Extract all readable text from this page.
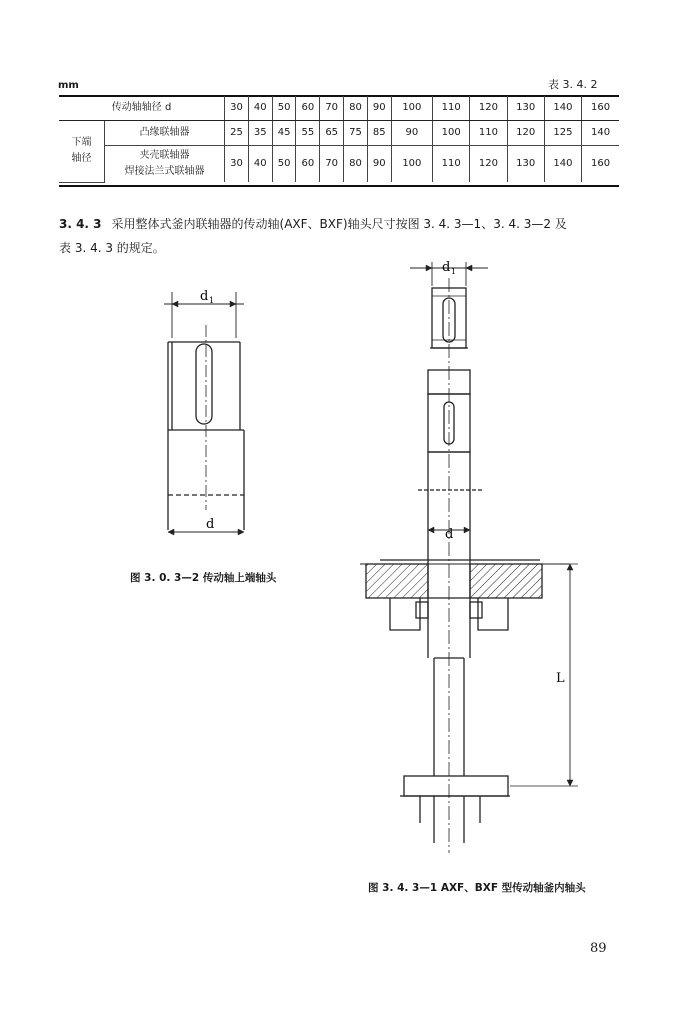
mm	表 3. 4. 2
传动轴轴径 d		30	40	50	60	70	80	90	100	110	120	130	140	160
下端
轴径	凸缘联轴器	25	35	45	55	65	75	85	90	100	110	120	125	140
	夹壳联轴器
焊接法兰式联轴器	30	40	50	60	70	80	90	100	110	120	130	140	160
3. 4. 3 采用整体式釜内联轴器的传动轴(AXF、BXF)轴头尺寸按图 3. 4. 3—1、3. 4. 3—2 及
表 3. 4. 3 的规定。
d 1
d
图 3. 0. 3—2 传动轴上端轴头
d 1
d
L
图 3. 4. 3—1 AXF、BXF 型传动轴釜内轴头
89
